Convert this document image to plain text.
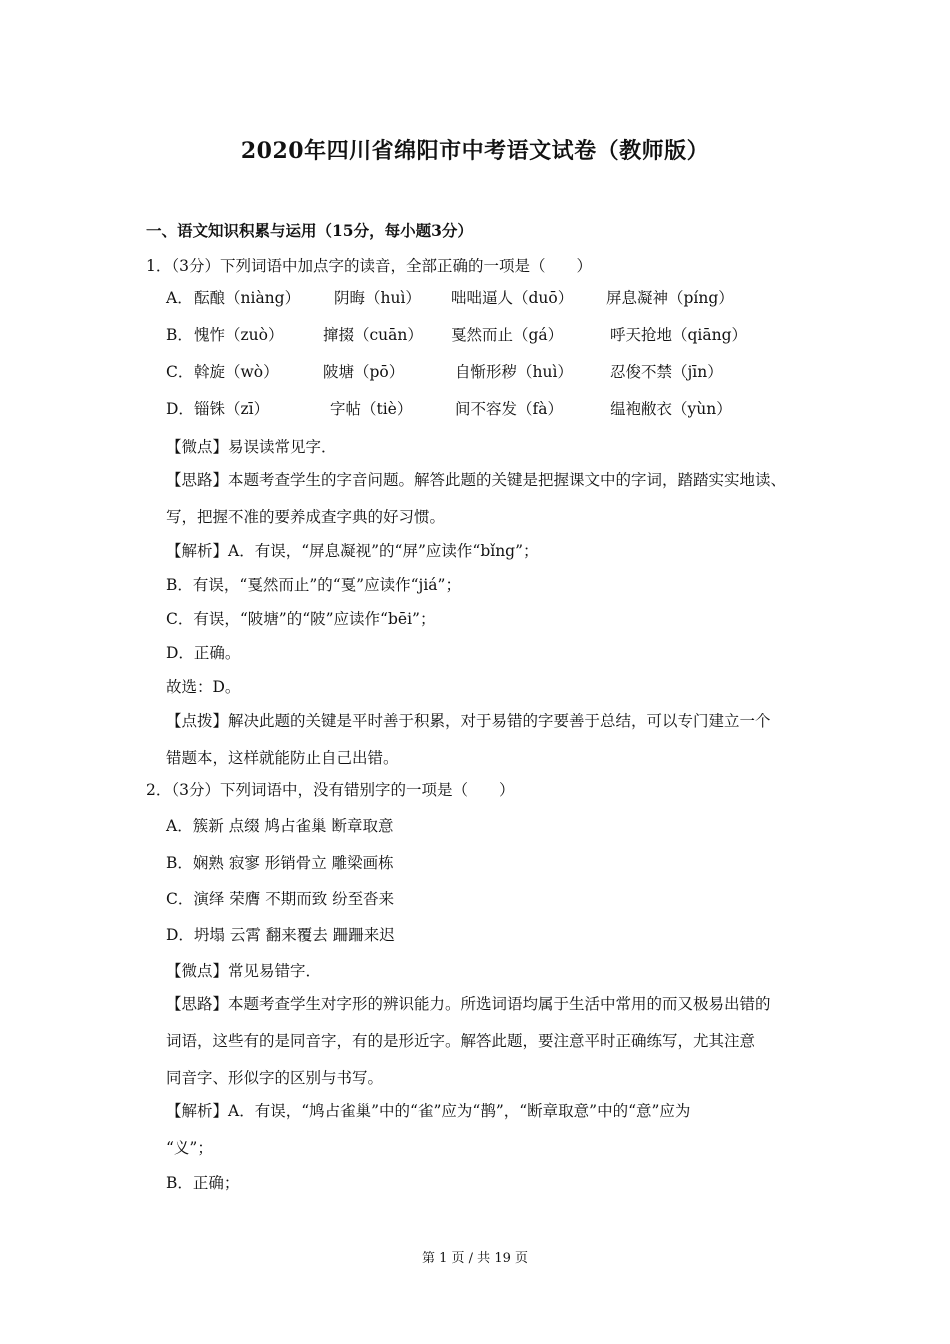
2020年四川省绵阳市中考语文试卷（教师版）
一、语文知识积累与运用（15分，每小题3分）
1．（3分）下列词语中加点字的读音，全部正确的一项是（　　）
A． 酝酿（niàng） 阴晦（huì） 咄咄逼人（duō） 屏息凝神（píng）
B． 愧怍（zuò）	撺掇（cuān） 戛然而止（gá）	呼天抢地（qiāng）
C． 斡旋（wò）	陂塘（pō）	自惭形秽（huì） 忍俊不禁（jīn）
D． 锱铢（zī）	字帖（tiè）	间不容发（fà）	缊袍敝衣（yùn）
【微点】易误读常见字．
【思路】本题考查学生的字音问题。解答此题的关键是把握课文中的字词，踏踏实实地读、
写，把握不准的要养成查字典的好习惯。
【解析】A．有误，“屏息凝视”的“屏”应读作“bǐng”；
B．有误，“戛然而止”的“戛”应读作“jiá”；
C．有误，“陂塘”的“陂”应读作“bēi”；
D．正确。
故选：D。
【点拨】解决此题的关键是平时善于积累，对于易错的字要善于总结，可以专门建立一个
错题本，这样就能防止自己出错。
2．（3分）下列词语中，没有错别字的一项是（　　）
A．簇新 点缀 鸠占雀巢 断章取意
B．娴熟 寂寥 形销骨立 雕梁画栋
C．演绎 荣膺 不期而致 纷至沓来
D．坍塌 云霄 翻来覆去 跚跚来迟
【微点】常见易错字．
【思路】本题考查学生对字形的辨识能力。所选词语均属于生活中常用的而又极易出错的
词语，这些有的是同音字，有的是形近字。解答此题，要注意平时正确练写，尤其注意
同音字、形似字的区别与书写。
【解析】A．有误，“鸠占雀巢”中的“雀”应为“鹊”，“断章取意”中的“意”应为
“义”；
B．正确；
第 1 页 / 共 19 页
